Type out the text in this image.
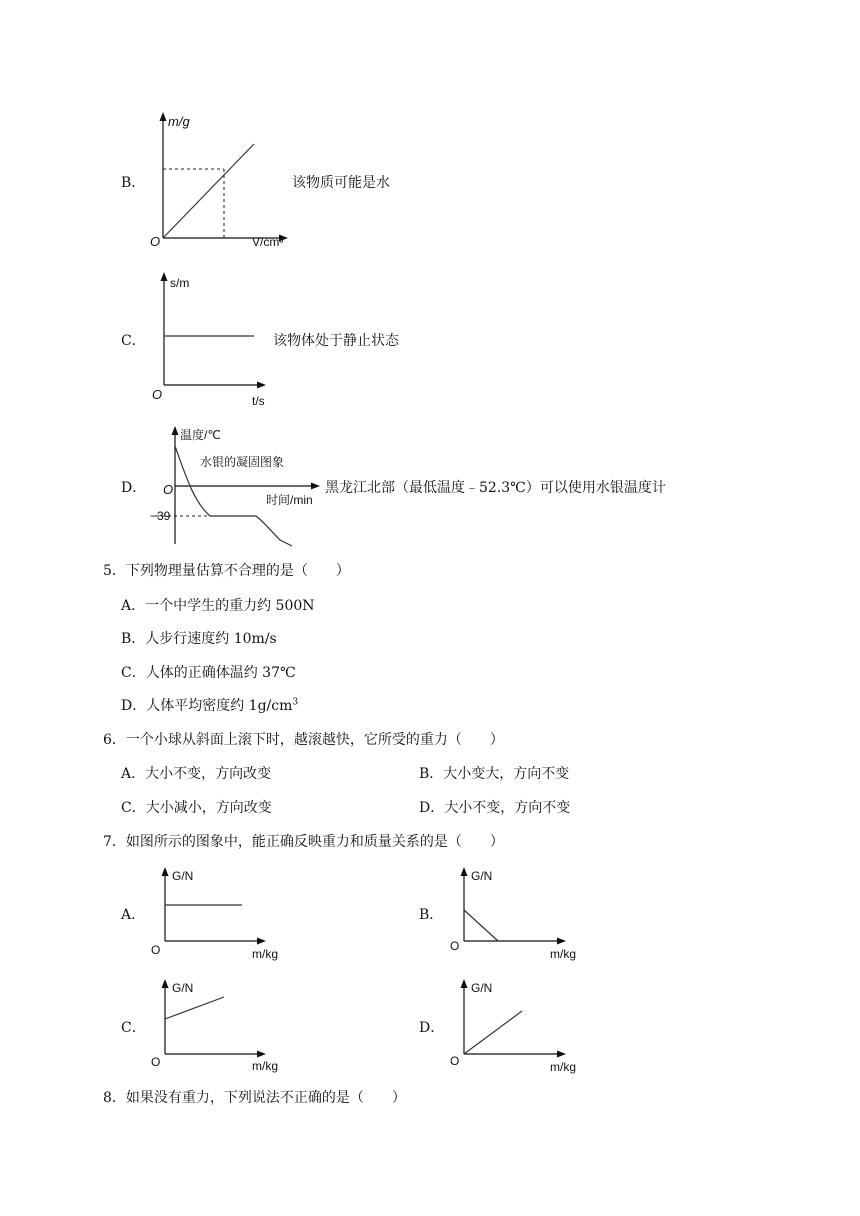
B．
m/g
O	V/cm³
该物质可能是水
C．
s/m
O	t/s
该物体处于静止状态
D．
温度/℃
水银的凝固图象
O
时间/min
−39
黑龙江北部（最低温度﹣52.3℃）可以使用水银温度计
5．下列物理量估算不合理的是（　　）
A．一个中学生的重力约 500N
B．人步行速度约 10m/s
C．人体的正确体温约 37℃
D．人体平均密度约 $1g/cm^3$
6．一个小球从斜面上滚下时，越滚越快，它所受的重力（　　）
A．大小不变，方向改变	B．大小变大，方向不变
C．大小减小，方向改变	D．大小不变，方向不变
7．如图所示的图象中，能正确反映重力和质量关系的是（　　）
A．
G/N
O	m/kg
B．
G/N
O
m/kg
C．
G/N
O	m/kg
D．
G/N
O	m/kg
8．如果没有重力，下列说法不正确的是（　　）
